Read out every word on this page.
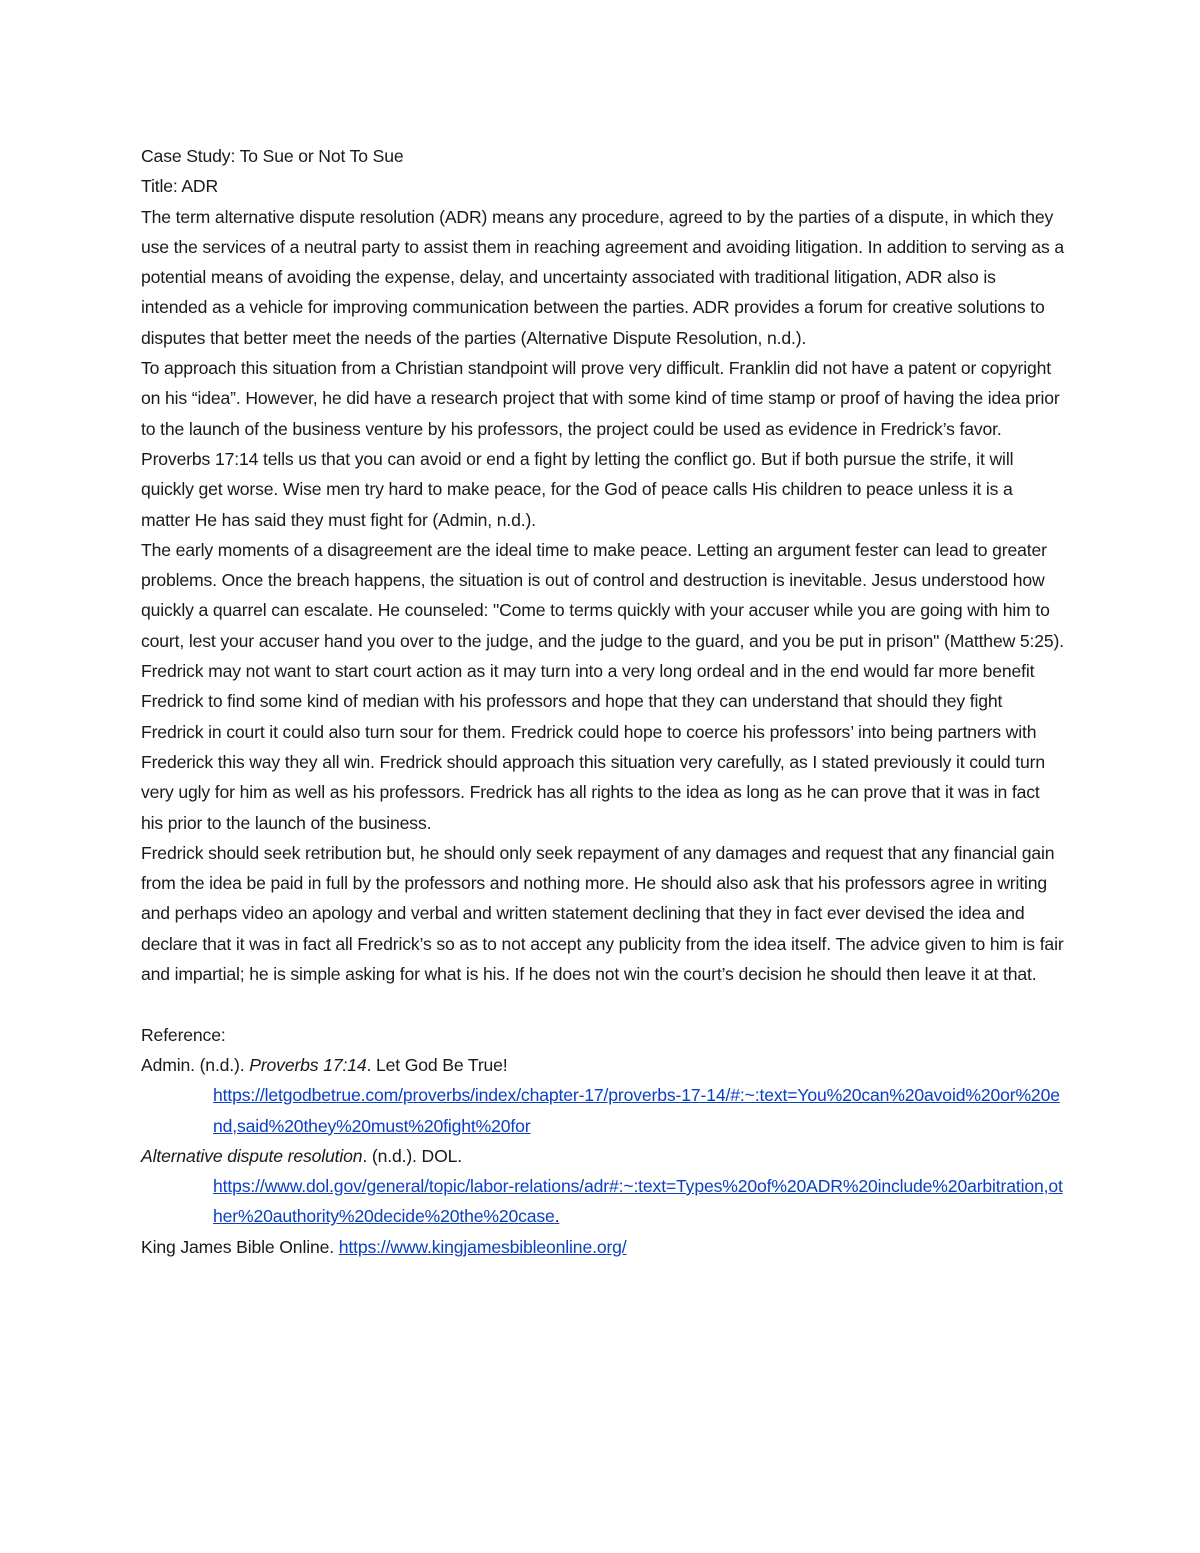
Case Study: To Sue or Not To Sue

Title: ADR

The term alternative dispute resolution (ADR) means any procedure, agreed to by the parties of a dispute, in which they use the services of a neutral party to assist them in reaching agreement and avoiding litigation. In addition to serving as a potential means of avoiding the expense, delay, and uncertainty associated with traditional litigation, ADR also is intended as a vehicle for improving communication between the parties. ADR provides a forum for creative solutions to disputes that better meet the needs of the parties (Alternative Dispute Resolution, n.d.).

To approach this situation from a Christian standpoint will prove very difficult. Franklin did not have a patent or copyright on his “idea”. However, he did have a research project that with some kind of time stamp or proof of having the idea prior to the launch of the business venture by his professors, the project could be used as evidence in Fredrick’s favor. Proverbs 17:14 tells us that you can avoid or end a fight by letting the conflict go. But if both pursue the strife, it will quickly get worse. Wise men try hard to make peace, for the God of peace calls His children to peace unless it is a matter He has said they must fight for (Admin, n.d.).

The early moments of a disagreement are the ideal time to make peace. Letting an argument fester can lead to greater problems. Once the breach happens, the situation is out of control and destruction is inevitable. Jesus understood how quickly a quarrel can escalate. He counseled: "Come to terms quickly with your accuser while you are going with him to court, lest your accuser hand you over to the judge, and the judge to the guard, and you be put in prison" (Matthew 5:25).

Fredrick may not want to start court action as it may turn into a very long ordeal and in the end would far more benefit Fredrick to find some kind of median with his professors and hope that they can understand that should they fight Fredrick in court it could also turn sour for them. Fredrick could hope to coerce his professors’ into being partners with Frederick this way they all win. Fredrick should approach this situation very carefully, as I stated previously it could turn very ugly for him as well as his professors. Fredrick has all rights to the idea as long as he can prove that it was in fact his prior to the launch of the business.

Fredrick should seek retribution but, he should only seek repayment of any damages and request that any financial gain from the idea be paid in full by the professors and nothing more. He should also ask that his professors agree in writing and perhaps video an apology and verbal and written statement declining that they in fact ever devised the idea and declare that it was in fact all Fredrick’s so as to not accept any publicity from the idea itself. The advice given to him is fair and impartial; he is simple asking for what is his. If he does not win the court’s decision he should then leave it at that.

Reference:

Admin. (n.d.). Proverbs 17:14. Let God Be True!
https://letgodbetrue.com/proverbs/index/chapter-17/proverbs-17-14/#:~:text=You%20can%20avoid%20or%20end,said%20they%20must%20fight%20for
Alternative dispute resolution. (n.d.). DOL.
https://www.dol.gov/general/topic/labor-relations/adr#:~:text=Types%20of%20ADR%20include%20arbitration,other%20authority%20decide%20the%20case.
King James Bible Online. https://www.kingjamesbibleonline.org/
